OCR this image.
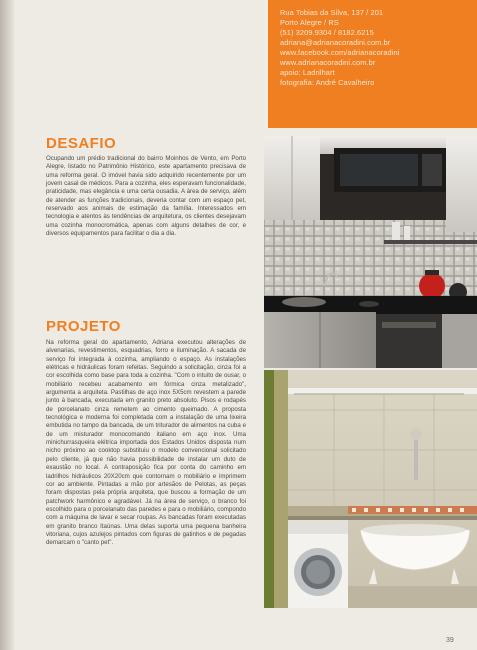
Rua Tobias da Silva, 137 / 201
Porto Alegre / RS
(51) 3209.9304 / 8182.6215
adriana@adrianacoradini.com.br
www.facebook.com/adrianacoradini
www.adrianacoradini.com.br
apoio: Ladrilhart
fotografia: André Cavalheiro
DESAFIO

Ocupando um prédio tradicional do bairro Moinhos de Vento, em Porto Alegre, listado no Patrimônio Histórico, este apartamento precisava de uma reforma geral. O imóvel havia sido adquirido recentemente por um jovem casal de médicos. Para a cozinha, eles esperavam funcionalidade, praticidade, mas elegância e uma certa ousadia. A área de serviço, além de atender as funções tradicionais, deveria contar com um espaço pet, reservado aos animais de estimação da família. Interessados em tecnologia e atentos às tendências de arquitetura, os clientes desejavam uma cozinha monocromática, apenas com alguns detalhes de cor, e diversos equipamentos para facilitar o dia a dia.

PROJETO

Na reforma geral do apartamento, Adriana executou alterações de alvenarias, revestimentos, esquadrias, forro e iluminação. A sacada de serviço foi integrada à cozinha, ampliando o espaço. As instalações elétricas e hidráulicas foram refeitas. Seguindo a solicitação, cinza foi a cor escolhida como base para toda a cozinha. "Com o intuito de ousar, o mobiliário recebeu acabamento em fórmica cinza metalizado", argumenta a arquiteta. Pastilhas de aço inox 5X5cm revestem a parede junto à bancada, executada em granito preto absoluto. Pisos e rodapés de porcelanato cinza remetem ao cimento queimado. A proposta tecnológica e moderna foi completada com a instalação de uma lixeira embutida no tampo da bancada, de um triturador de alimentos na cuba e de um misturador monocomando italiano em aço inox. Uma minichurrasqueira elétrica importada dos Estados Unidos disposta num nicho próximo ao cooktop substituiu o modelo convencional solicitado pelo cliente, já que não havia possibilidade de instalar um duto de exaustão no local. A contraposição fica por conta do caminho em ladrilhos hidráulicos 20X20cm que contornam o mobiliário e imprimem cor ao ambiente. Pintadas a mão por artesãos de Pelotas, as peças foram dispostas pela própria arquiteta, que buscou a formação de um patchwork harmônico e agradável. Já na área de serviço, o branco foi escolhido para o porcelanato das paredes e para o mobiliário, compondo com a máquina de lavar e secar roupas. As bancadas foram executadas em granito branco Itaúnas. Uma delas suporta uma pequena banheira vitoriana, cujos azulejos pintados com figuras de gatinhos e de pegadas demarcam o "canto pet".

39
